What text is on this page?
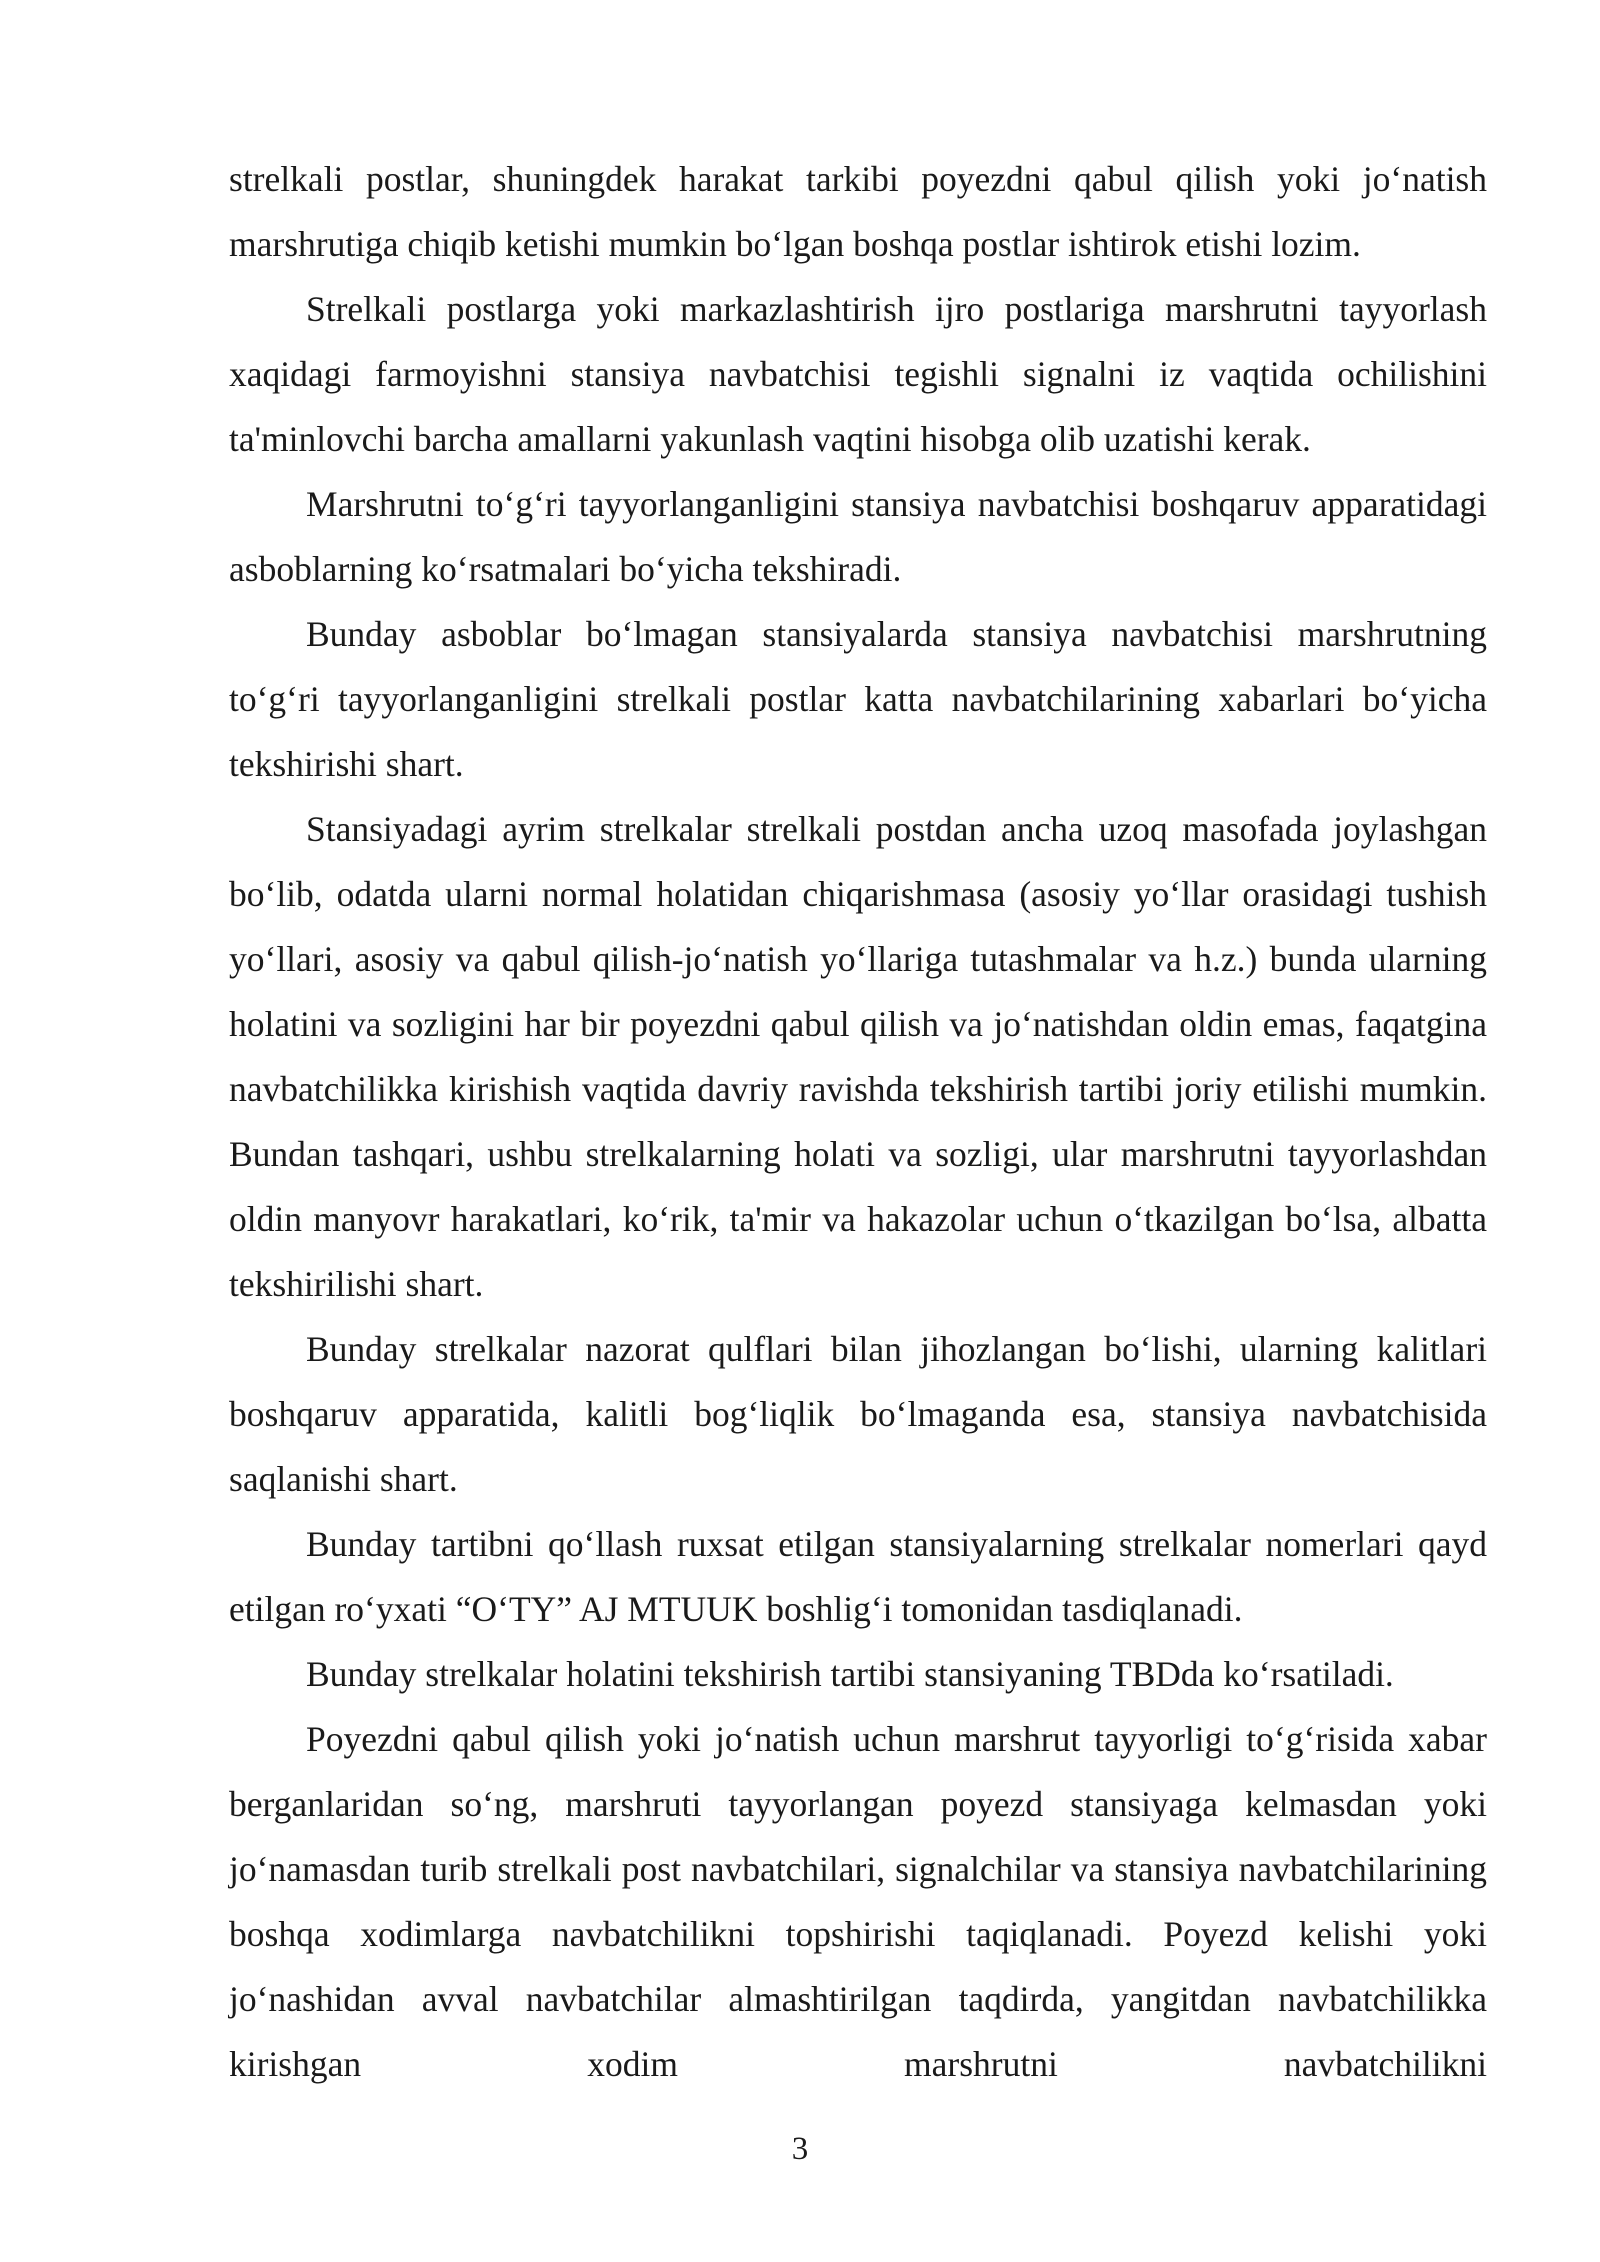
strelkali postlar, shuningdek harakat tarkibi poyezdni qabul qilish yoki jo‘natish marshrutiga chiqib ketishi mumkin bo‘lgan boshqa postlar ishtirok etishi lozim.

Strelkali postlarga yoki markazlashtirish ijro postlariga marshrutni tayyorlash xaqidagi farmoyishni stansiya navbatchisi tegishli signalni iz vaqtida ochilishini ta'minlovchi barcha amallarni yakunlash vaqtini hisobga olib uzatishi kerak.

Marshrutni to‘g‘ri tayyorlanganligini stansiya navbatchisi boshqaruv apparatidagi asboblarning ko‘rsatmalari bo‘yicha tekshiradi.

Bunday asboblar bo‘lmagan stansiyalarda stansiya navbatchisi marshrutning to‘g‘ri tayyorlanganligini strelkali postlar katta navbatchilarining xabarlari bo‘yicha tekshirishi shart.

Stansiyadagi ayrim strelkalar strelkali postdan ancha uzoq masofada joylashgan bo‘lib, odatda ularni normal holatidan chiqarishmasa (asosiy yo‘llar orasidagi tushish yo‘llari, asosiy va qabul qilish-jo‘natish yo‘llariga tutashmalar va h.z.) bunda ularning holatini va sozligini har bir poyezdni qabul qilish va jo‘natishdan oldin emas, faqatgina navbatchilikka kirishish vaqtida davriy ravishda tekshirish tartibi joriy etilishi mumkin. Bundan tashqari, ushbu strelkalarning holati va sozligi, ular marshrutni tayyorlashdan oldin manyovr harakatlari, ko‘rik, ta'mir va hakazolar uchun o‘tkazilgan bo‘lsa, albatta tekshirilishi shart.

Bunday strelkalar nazorat qulflari bilan jihozlangan bo‘lishi, ularning kalitlari boshqaruv apparatida, kalitli bog‘liqlik bo‘lmaganda esa, stansiya navbatchisida saqlanishi shart.

Bunday tartibni qo‘llash ruxsat etilgan stansiyalarning strelkalar nomerlari qayd etilgan ro‘yxati “O‘TY” AJ MTUUK boshlig‘i tomonidan tasdiqlanadi.

Bunday strelkalar holatini tekshirish tartibi stansiyaning TBDda ko‘rsatiladi.

Poyezdni qabul qilish yoki jo‘natish uchun marshrut tayyorligi to‘g‘risida xabar berganlaridan so‘ng, marshruti tayyorlangan poyezd stansiyaga kelmasdan yoki jo‘namasdan turib strelkali post navbatchilari, signalchilar va stansiya navbatchilarining boshqa xodimlarga navbatchilikni topshirishi taqiqlanadi. Poyezd kelishi yoki jo‘nashidan avval navbatchilar almashtirilgan taqdirda, yangitdan navbatchilikka kirishgan xodim marshrutni navbatchilikni

3
